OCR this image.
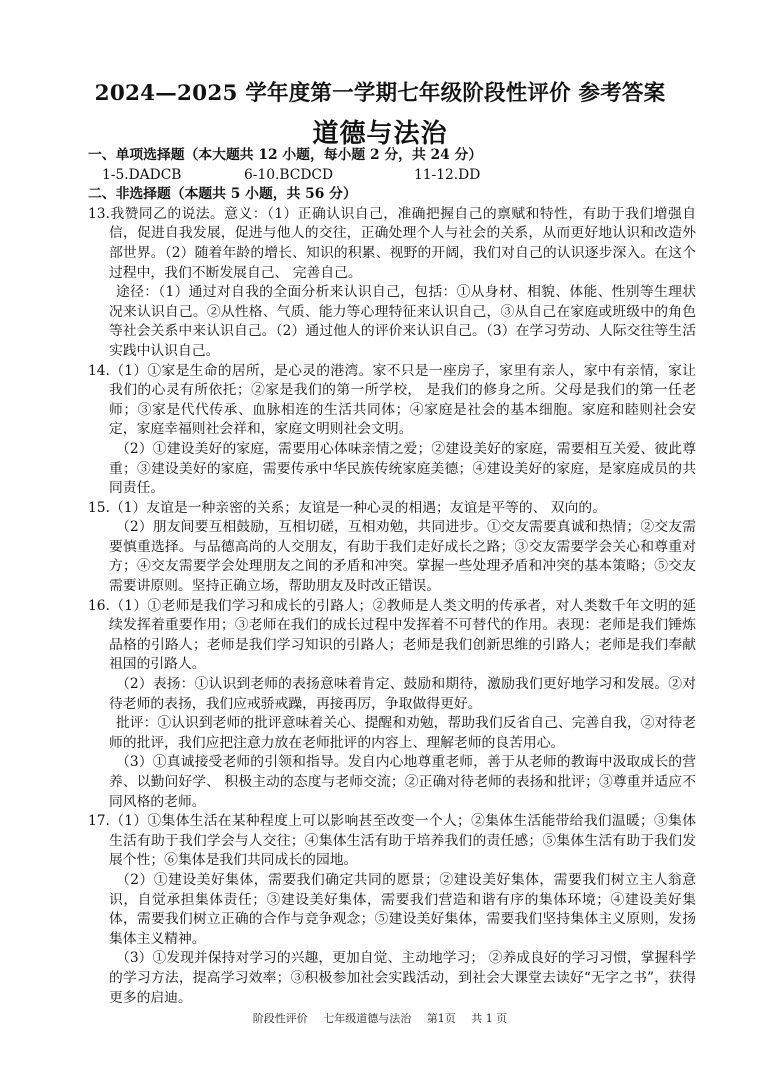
2024—2025 学年度第一学期七年级阶段性评价 参考答案
道德与法治

一、单项选择题（本大题共 12 小题，每小题 2 分，共 24 分）

1-5.DADCB	6-10.BCDCD	11-12.DD

二、非选择题（本题共 5 小题，共 56 分）

13.我赞同乙的说法。意义：（1）正确认识自己，准确把握自己的禀赋和特性，有助于我们增强自信，促进自我发展，促进与他人的交往，正确处理个人与社会的关系，从而更好地认识和改造外部世界。（2）随着年龄的增长、知识的积累、视野的开阔，我们对自己的认识逐步深入。在这个过程中，我们不断发展自己、 完善自己。

途径：（1）通过对自我的全面分析来认识自己，包括：①从身材、相貌、体能、性别等生理状况来认识自己。②从性格、气质、能力等心理特征来认识自己，③从自己在家庭或班级中的角色等社会关系中来认识自己。（2）通过他人的评价来认识自己。（3）在学习劳动、人际交往等生活实践中认识自己。

14.（1）①家是生命的居所，是心灵的港湾。家不只是一座房子，家里有亲人，家中有亲情，家让我们的心灵有所依托；②家是我们的第一所学校， 是我们的修身之所。父母是我们的第一任老师；③家是代代传承、血脉相连的生活共同体；④家庭是社会的基本细胞。家庭和睦则社会安定，家庭幸福则社会祥和，家庭文明则社会文明。

（2）①建设美好的家庭，需要用心体味亲情之爱；②建设美好的家庭，需要相互关爱、彼此尊重；③建设美好的家庭，需要传承中华民族传统家庭美德；④建设美好的家庭，是家庭成员的共同责任。

15.（1）友谊是一种亲密的关系；友谊是一种心灵的相遇；友谊是平等的、 双向的。

（2）朋友间要互相鼓励，互相切磋，互相劝勉，共同进步。①交友需要真诚和热情；②交友需要慎重选择。与品德高尚的人交朋友，有助于我们走好成长之路；③交友需要学会关心和尊重对方；④交友需要学会处理朋友之间的矛盾和冲突。掌握一些处理矛盾和冲突的基本策略；⑤交友需要讲原则。坚持正确立场，帮助朋友及时改正错误。

16.（1）①老师是我们学习和成长的引路人；②教师是人类文明的传承者，对人类数千年文明的延续发挥着重要作用；③老师在我们的成长过程中发挥着不可替代的作用。表现：老师是我们锤炼品格的引路人；老师是我们学习知识的引路人；老师是我们创新思维的引路人；老师是我们奉献祖国的引路人。

（2）表扬：①认识到老师的表扬意味着肯定、鼓励和期待，激励我们更好地学习和发展。②对待老师的表扬，我们应戒骄戒躁，再接再厉，争取做得更好。

批评：①认识到老师的批评意味着关心、提醒和劝勉，帮助我们反省自己、完善自我，②对待老师的批评，我们应把注意力放在老师批评的内容上、理解老师的良苦用心。

（3）①真诚接受老师的引领和指导。发自内心地尊重老师，善于从老师的教诲中汲取成长的营养、以勤问好学、 积极主动的态度与老师交流；②正确对待老师的表扬和批评；③尊重并适应不同风格的老师。

17.（1）①集体生活在某种程度上可以影响甚至改变一个人；②集体生活能带给我们温暖；③集体生活有助于我们学会与人交往；④集体生活有助于培养我们的责任感；⑤集体生活有助于我们发展个性；⑥集体是我们共同成长的园地。

（2）①建设美好集体，需要我们确定共同的愿景；②建设美好集体，需要我们树立主人翁意识，自觉承担集体责任；③建设美好集体，需要我们营造和谐有序的集体环境；④建设美好集体，需要我们树立正确的合作与竞争观念；⑤建设美好集体，需要我们坚持集体主义原则，发扬集体主义精神。

（3）①发现并保持对学习的兴趣，更加自觉、主动地学习； ②养成良好的学习习惯，掌握科学的学习方法，提高学习效率；③积极参加社会实践活动，到社会大课堂去读好“无字之书”，获得更多的启迪。

阶段性评价 七年级道德与法治 第1页 共 1 页
